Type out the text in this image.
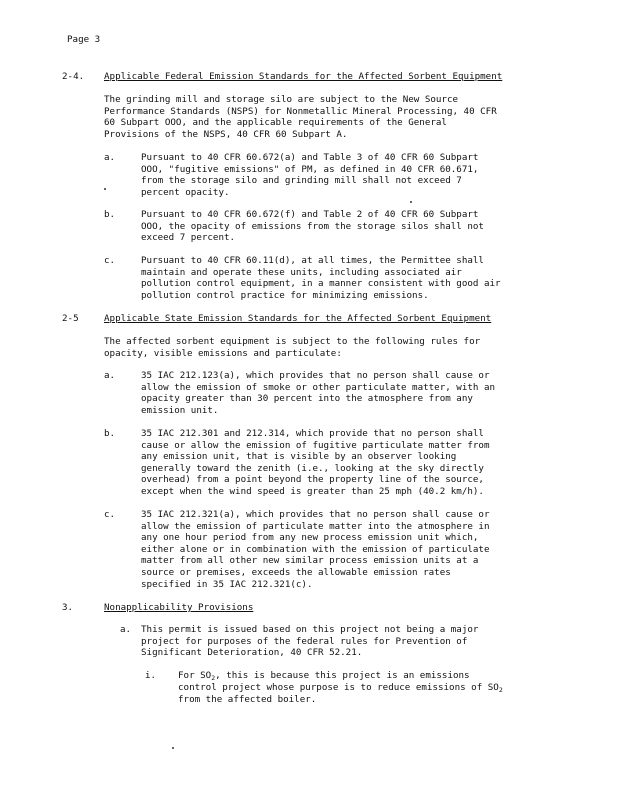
Page 3
2-4. Applicable Federal Emission Standards for the Affected Sorbent Equipment
The grinding mill and storage silo are subject to the New Source
Performance Standards (NSPS) for Nonmetallic Mineral Processing, 40 CFR
60 Subpart OOO, and the applicable requirements of the General
Provisions of the NSPS, 40 CFR 60 Subpart A.
a.	Pursuant to 40 CFR 60.672(a) and Table 3 of 40 CFR 60 Subpart
OOO, "fugitive emissions" of PM, as defined in 40 CFR 60.671,
from the storage silo and grinding mill shall not exceed 7
percent opacity.
b.	Pursuant to 40 CFR 60.672(f) and Table 2 of 40 CFR 60 Subpart
OOO, the opacity of emissions from the storage silos shall not
exceed 7 percent.
c.	Pursuant to 40 CFR 60.11(d), at all times, the Permittee shall
maintain and operate these units, including associated air
pollution control equipment, in a manner consistent with good air
pollution control practice for minimizing emissions.
2-5	Applicable State Emission Standards for the Affected Sorbent Equipment
The affected sorbent equipment is subject to the following rules for
opacity, visible emissions and particulate:
a.	35 IAC 212.123(a), which provides that no person shall cause or
allow the emission of smoke or other particulate matter, with an
opacity greater than 30 percent into the atmosphere from any
emission unit.
b.	35 IAC 212.301 and 212.314, which provide that no person shall
cause or allow the emission of fugitive particulate matter from
any emission unit, that is visible by an observer looking
generally toward the zenith (i.e., looking at the sky directly
overhead) from a point beyond the property line of the source,
except when the wind speed is greater than 25 mph (40.2 km/h).
c.	35 IAC 212.321(a), which provides that no person shall cause or
allow the emission of particulate matter into the atmosphere in
any one hour period from any new process emission unit which,
either alone or in combination with the emission of particulate
matter from all other new similar process emission units at a
source or premises, exceeds the allowable emission rates
specified in 35 IAC 212.321(c).
3.	Nonapplicability Provisions
a. This permit is issued based on this project not being a major
project for purposes of the federal rules for Prevention of
Significant Deterioration, 40 CFR 52.21.
i. For $SO_2$, this is because this project is an emissions
control project whose purpose is to reduce emissions of $SO_2$
from the affected boiler.
